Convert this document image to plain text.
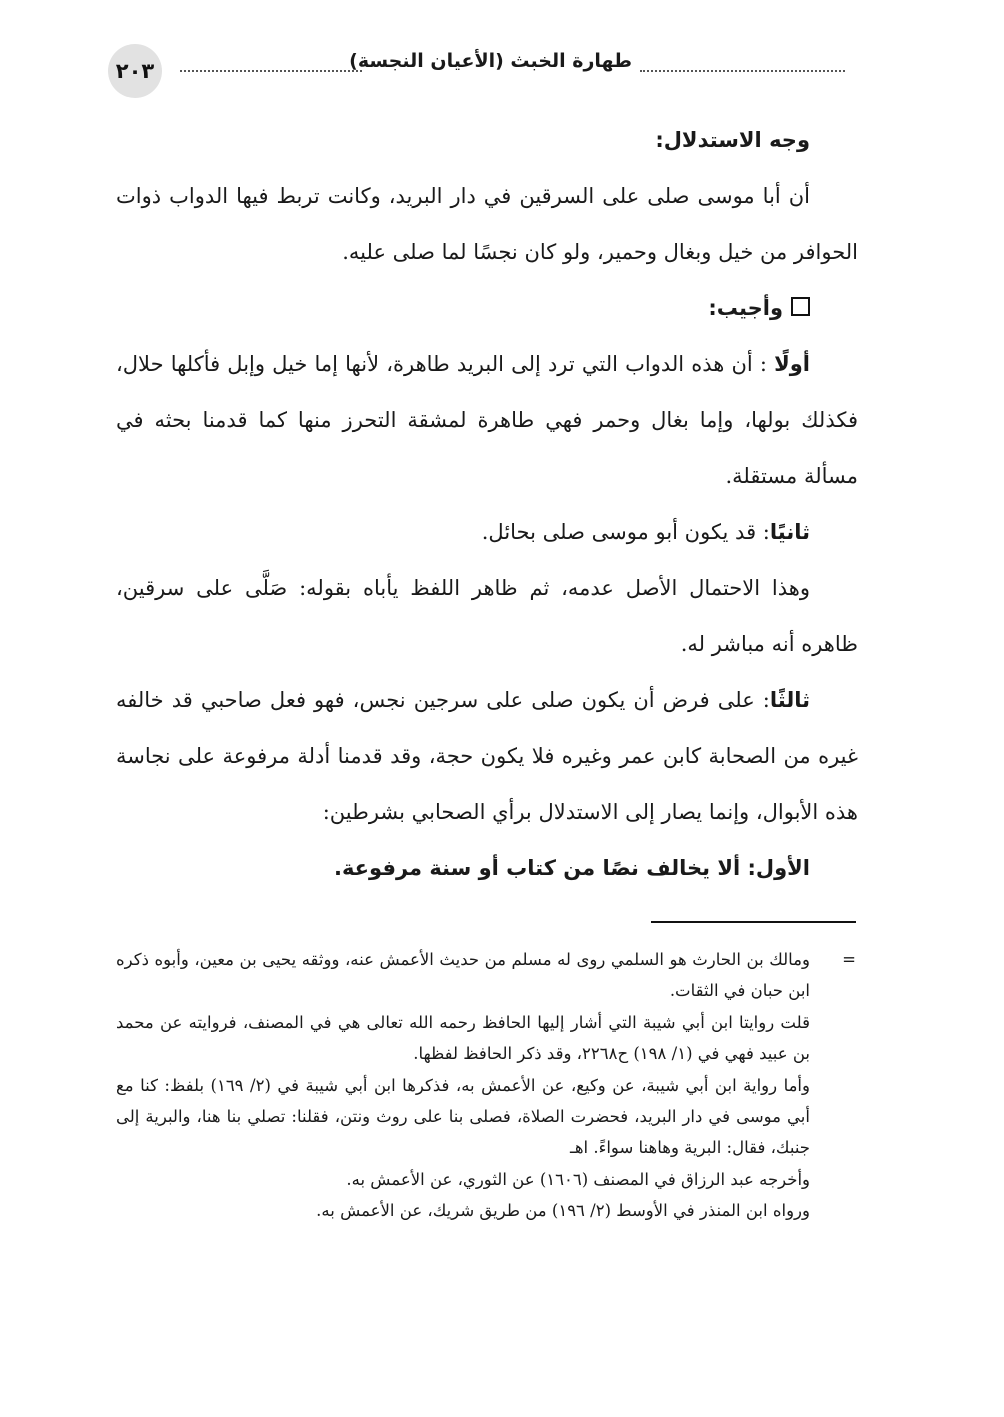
٢٠٣	طهارة الخبث (الأعيان النجسة)

وجه الاستدلال:

أن أبا موسى صلى على السرقين في دار البريد، وكانت تربط فيها الدواب ذوات الحوافر من خيل وبغال وحمير، ولو كان نجسًا لما صلى عليه.

وأجيب:

أولًا : أن هذه الدواب التي ترد إلى البريد طاهرة، لأنها إما خيل وإبل فأكلها حلال، فكذلك بولها، وإما بغال وحمر فهي طاهرة لمشقة التحرز منها كما قدمنا بحثه في مسألة مستقلة.

ثانيًا: قد يكون أبو موسى صلى بحائل.

وهذا الاحتمال الأصل عدمه، ثم ظاهر اللفظ يأباه بقوله: صَلَّى على سرقين، ظاهره أنه مباشر له.

ثالثًا: على فرض أن يكون صلى على سرجين نجس، فهو فعل صاحبي قد خالفه غيره من الصحابة كابن عمر وغيره فلا يكون حجة، وقد قدمنا أدلة مرفوعة على نجاسة هذه الأبوال، وإنما يصار إلى الاستدلال برأي الصحابي بشرطين:

الأول: ألا يخالف نصًا من كتاب أو سنة مرفوعة.

=
ومالك بن الحارث هو السلمي روى له مسلم من حديث الأعمش عنه، ووثقه يحيى بن معين، وأبوه ذكره ابن حبان في الثقات.

قلت روايتا ابن أبي شيبة التي أشار إليها الحافظ رحمه الله تعالى هي في المصنف، فروايته عن محمد بن عبيد فهي في (١/ ١٩٨) ح٢٢٦٨، وقد ذكر الحافظ لفظها.

وأما رواية ابن أبي شيبة، عن وكيع، عن الأعمش به، فذكرها ابن أبي شيبة في (٢/ ١٦٩) بلفظ: كنا مع أبي موسى في دار البريد، فحضرت الصلاة، فصلى بنا على روث ونتن، فقلنا: تصلي بنا هنا، والبرية إلى جنبك، فقال: البرية وهاهنا سواءً. اهـ

وأخرجه عبد الرزاق في المصنف (١٦٠٦) عن الثوري، عن الأعمش به.

ورواه ابن المنذر في الأوسط (٢/ ١٩٦) من طريق شريك، عن الأعمش به.
